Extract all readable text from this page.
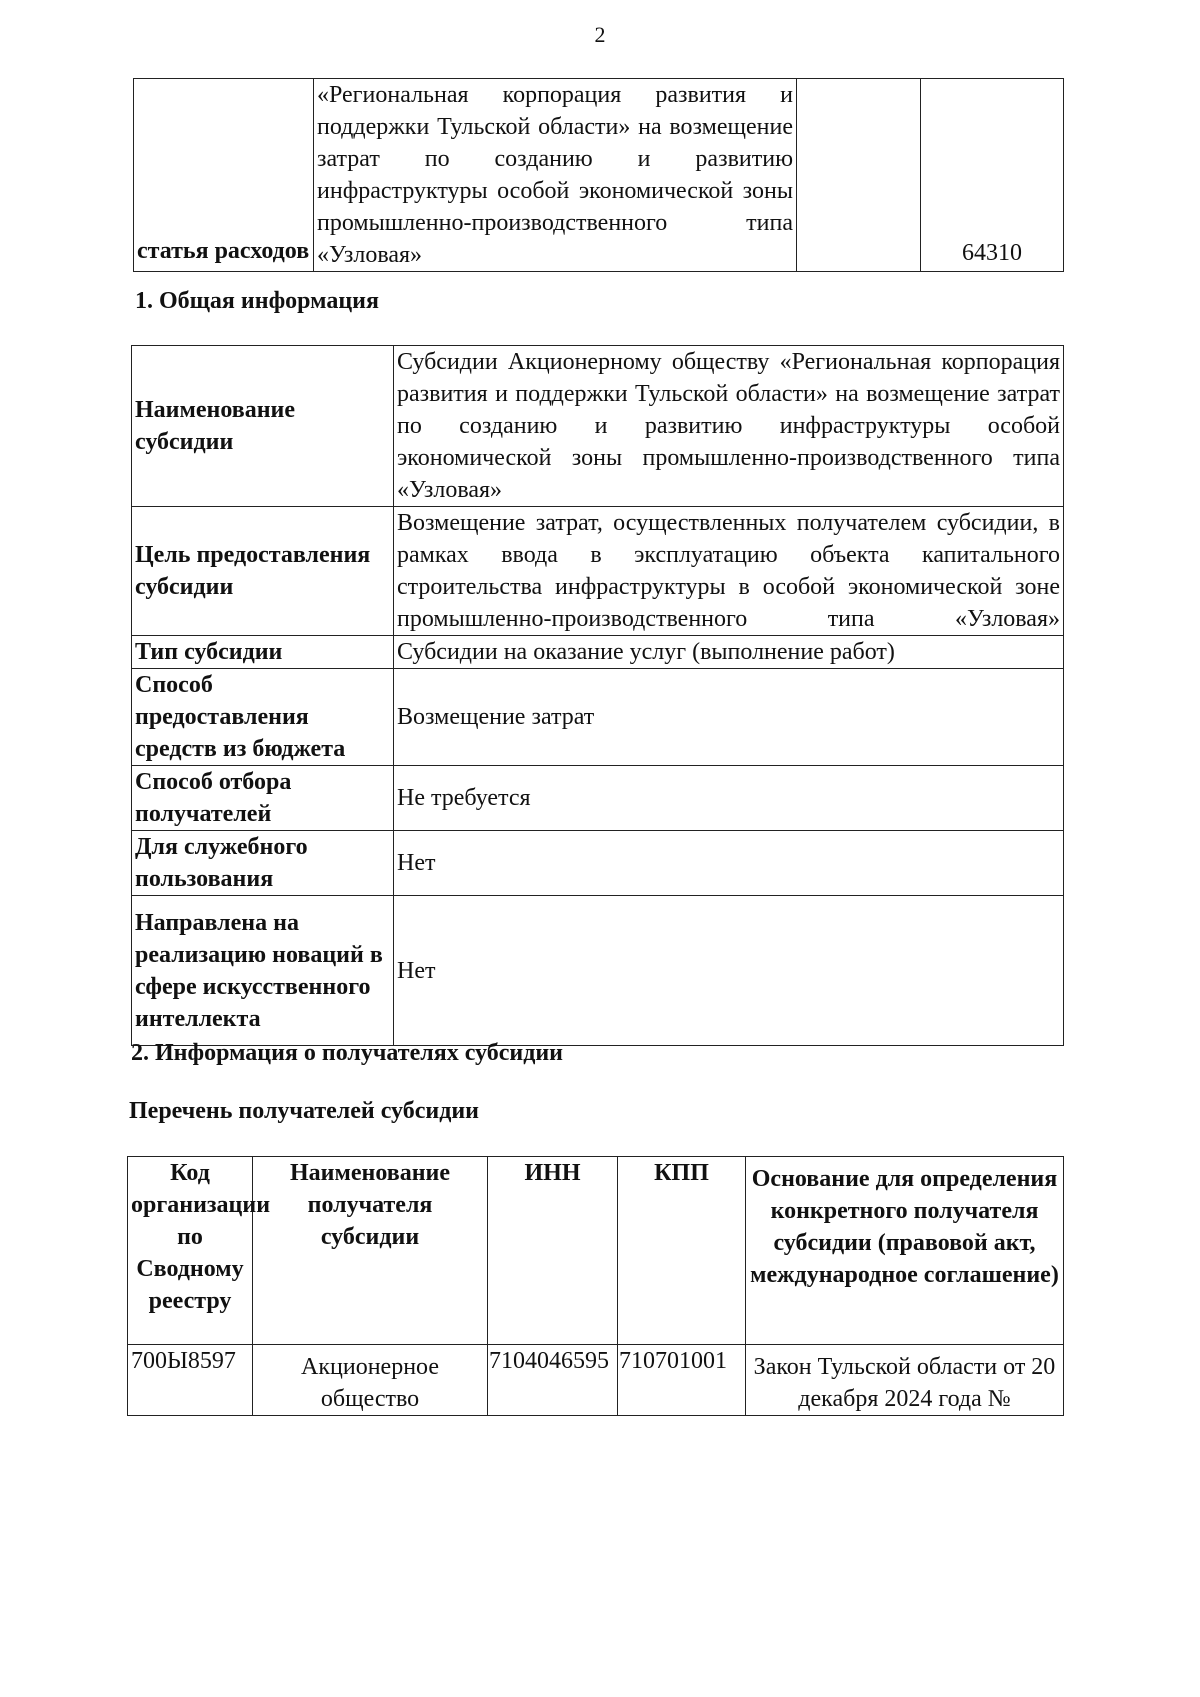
2
статья расходов	«Региональная корпорация развития и поддержки Тульской области» на возмещение затрат по созданию и развитию инфраструктуры особой экономической зоны промышленно-производственного типа «Узловая»		64310
1. Общая информация
Наименование субсидии	Субсидии Акционерному обществу «Региональная корпорация развития и поддержки Тульской области» на возмещение затрат по созданию и развитию инфраструктуры особой экономической зоны промышленно-производственного типа «Узловая»
Цель предоставления субсидии	Возмещение затрат, осуществленных получателем субсидии, в рамках ввода в эксплуатацию объекта капитального строительства инфраструктуры в особой экономической зоне промышленно-производственного типа «Узловая»
Тип субсидии	Субсидии на оказание услуг (выполнение работ)
Способ предоставления средств из бюджета	Возмещение затрат
Способ отбора получателей	Не требуется
Для служебного пользования	Нет
Направлена на реализацию новаций в сфере искусственного интеллекта	Нет
2. Информация о получателях субсидии
Перечень получателей субсидии
Код организации по Сводному реестру	Наименование получателя субсидии	ИНН	КПП	Основание для определения конкретного получателя субсидии (правовой акт, международное соглашение)
700Ы8597	Акционерное общество	7104046595	710701001	Закон Тульской области от 20 декабря 2024 года №
